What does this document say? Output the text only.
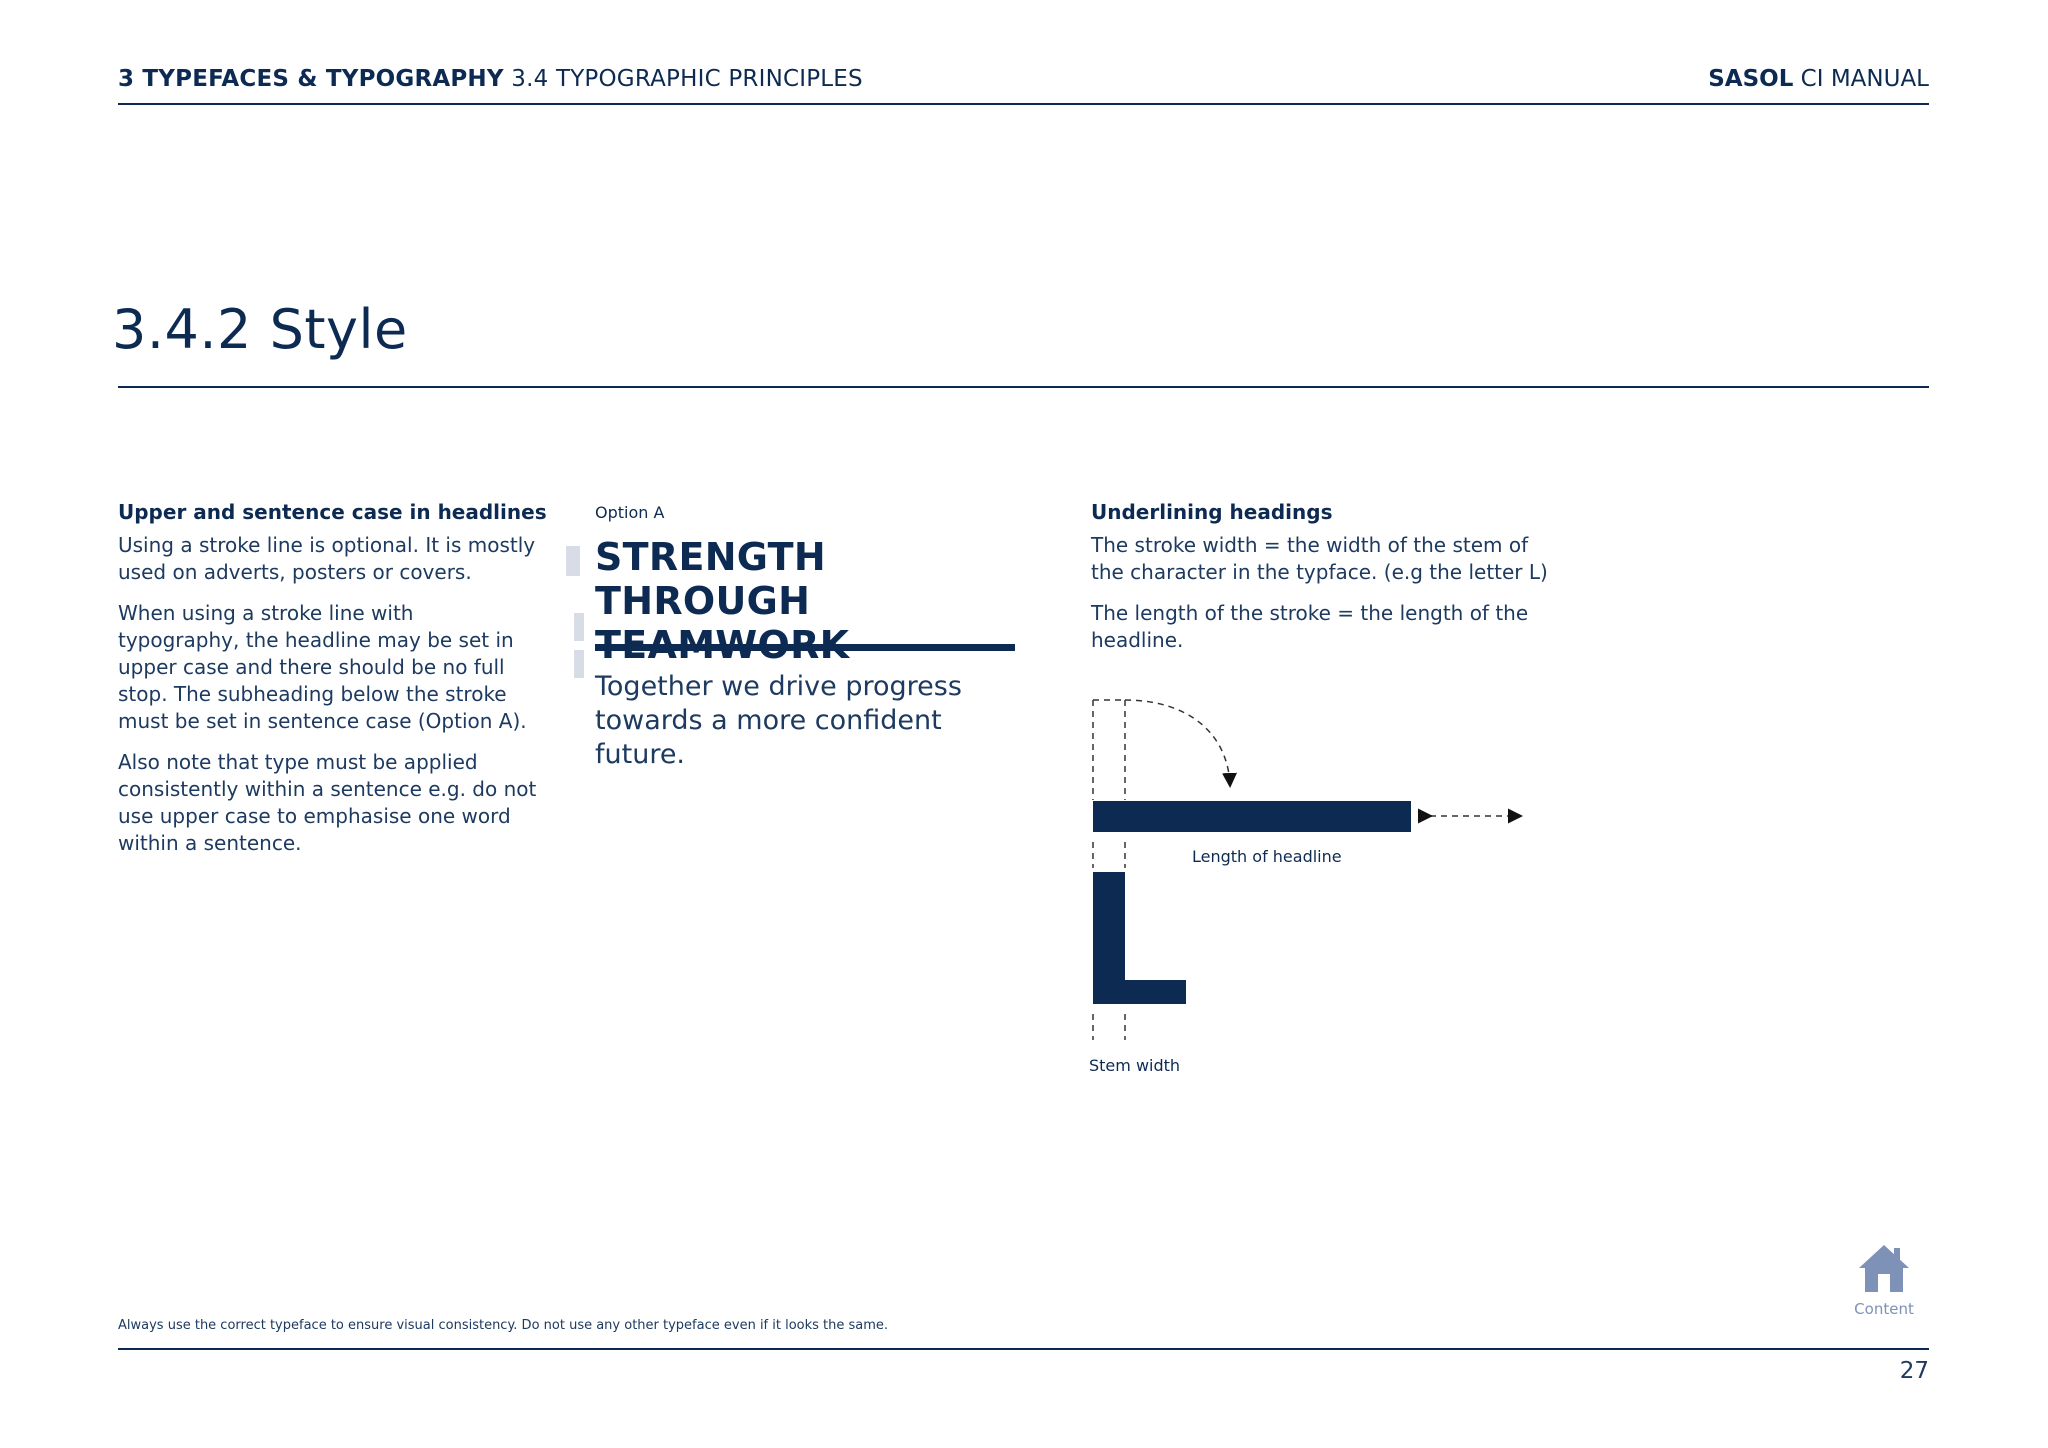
3 TYPEFACES & TYPOGRAPHY 3.4 TYPOGRAPHIC PRINCIPLES	SASOL CI MANUAL
3.4.2 Style
Upper and sentence case in headlines

Using a stroke line is optional. It is mostly used on adverts, posters or covers.

When using a stroke line with typography, the headline may be set in upper case and there should be no full stop. The subheading below the stroke must be set in sentence case (Option A).

Also note that type must be applied consistently within a sentence e.g. do not use upper case to emphasise one word within a sentence.

Option A
STRENGTH THROUGH
Together we drive progress towards a more confident future.
Underlining headings

The stroke width = the width of the stem of the character in the typface. (e.g the letter L)

The length of the stroke = the length of the headline.

Length of headline
Stem width
Always use the correct typeface to ensure visual consistency. Do not use any other typeface even if it looks the same.
Content
27
